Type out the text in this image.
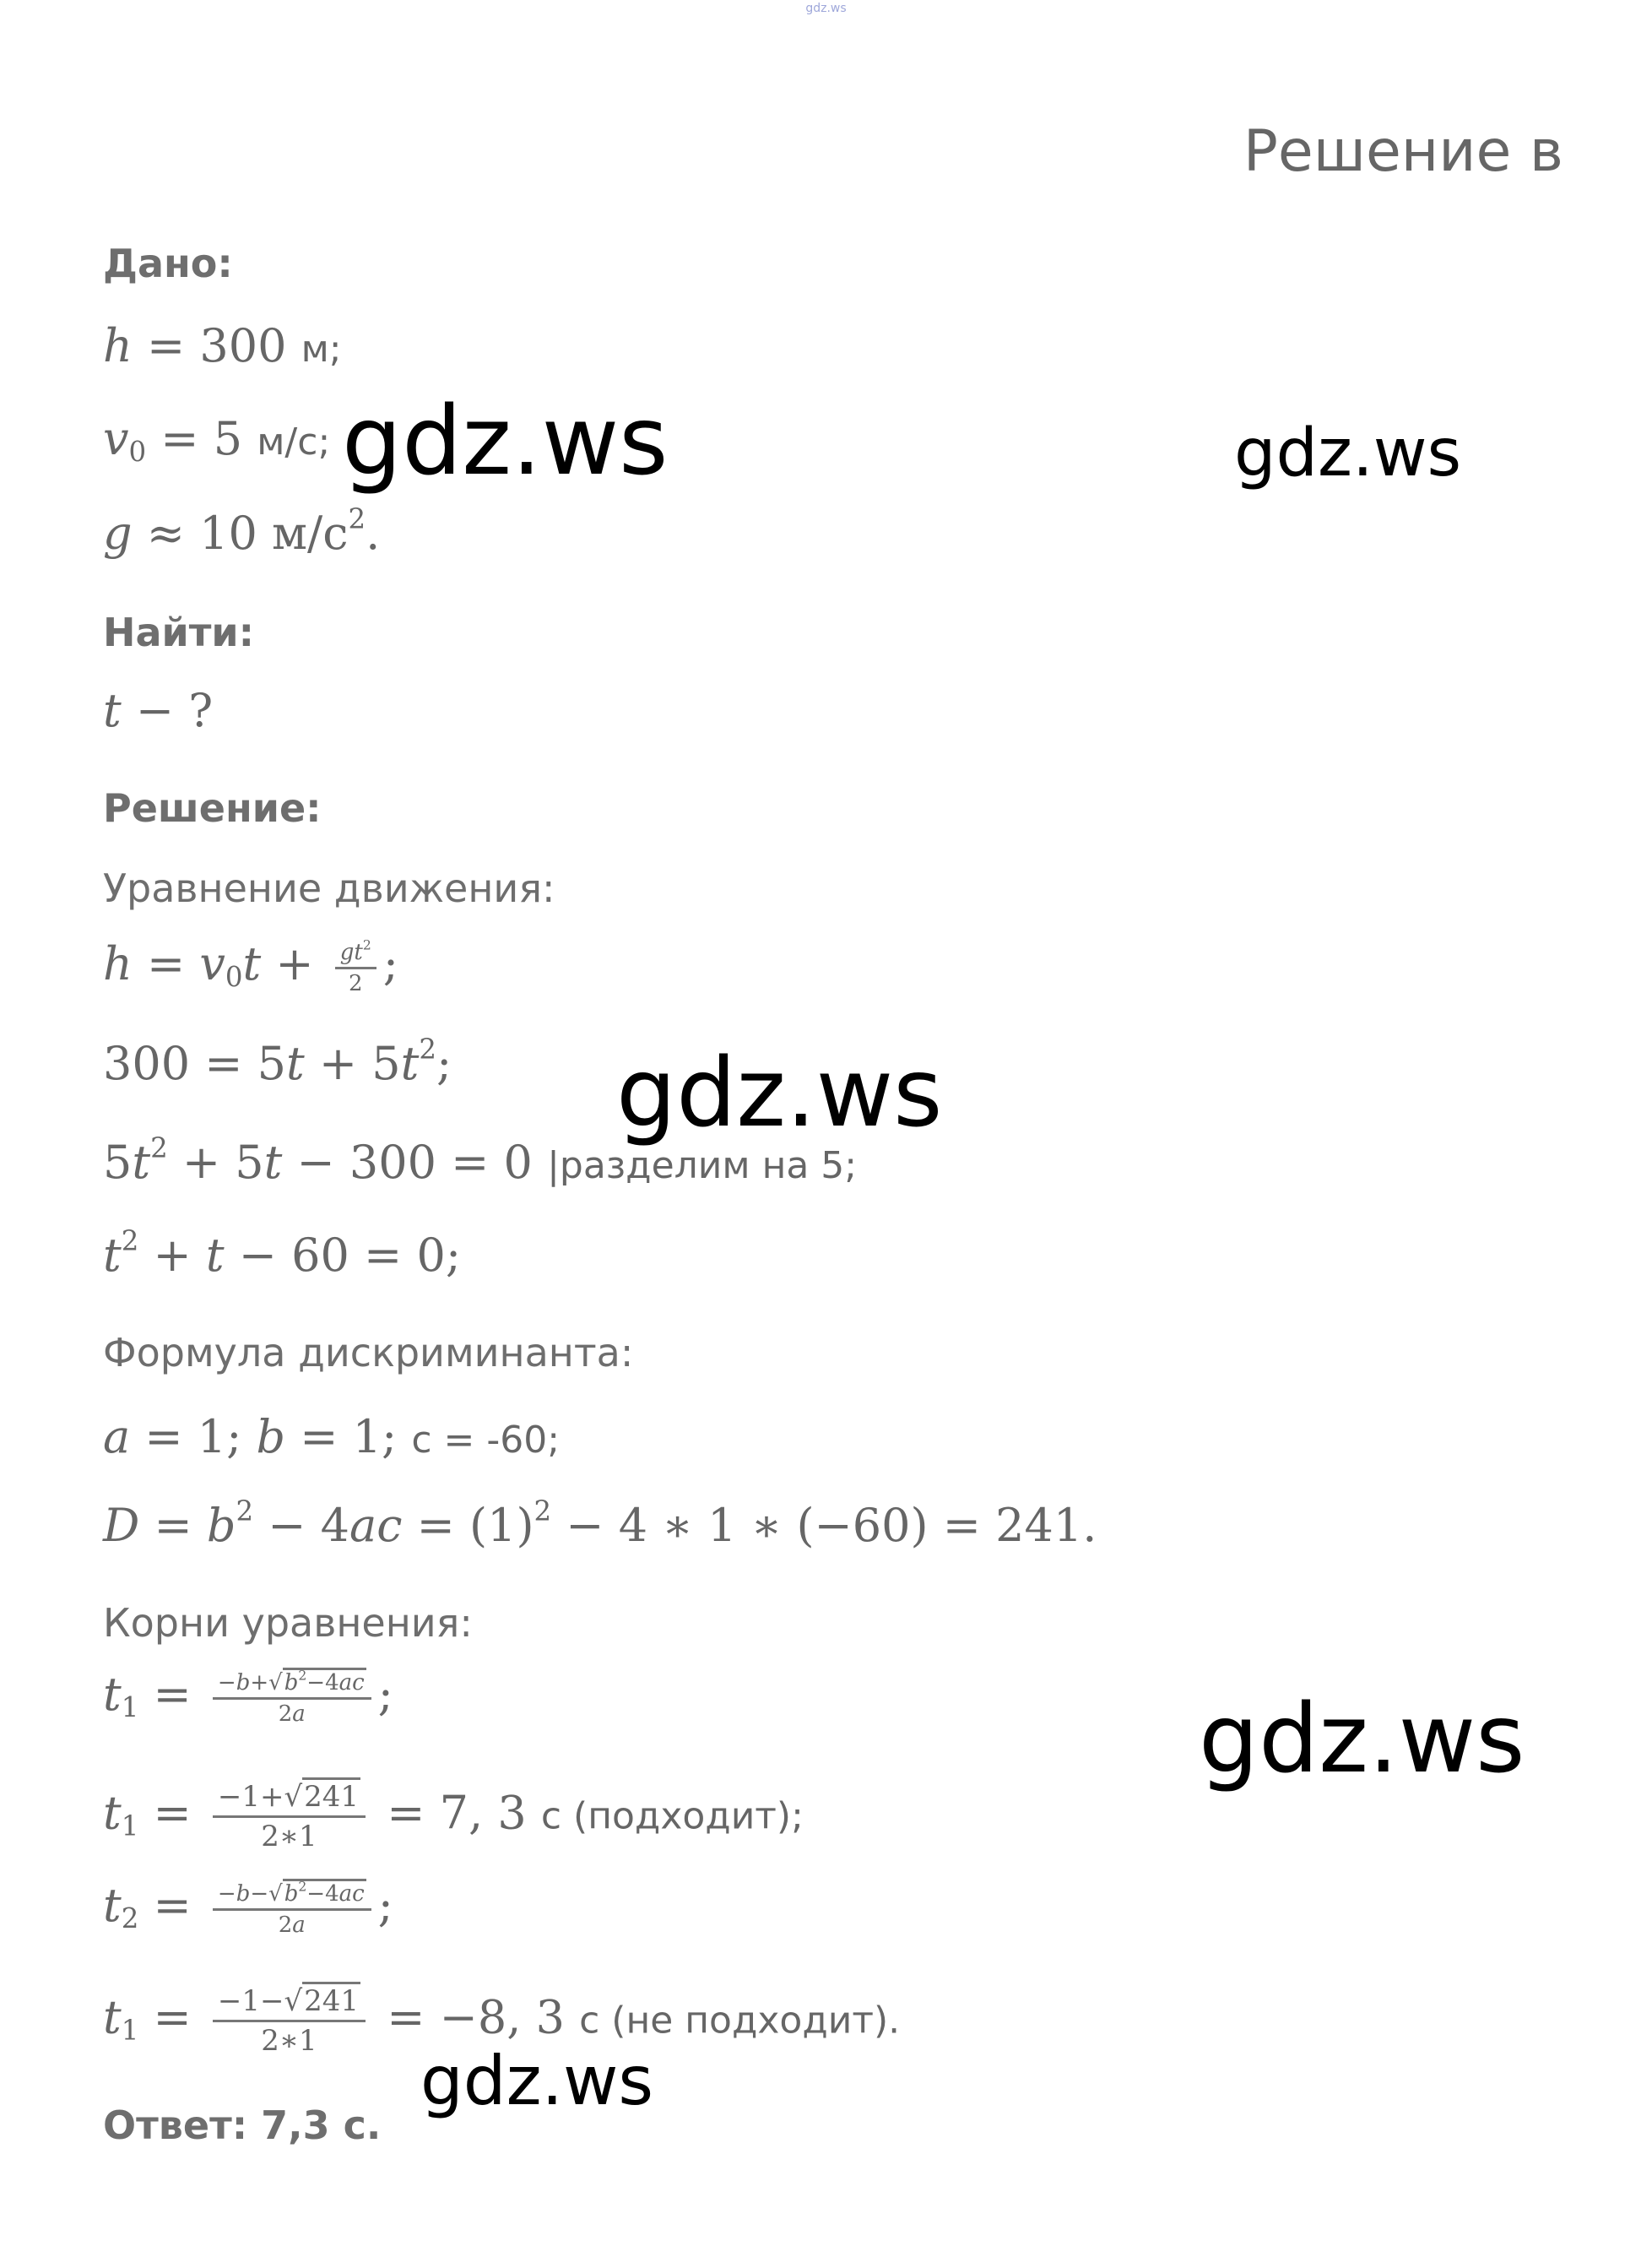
gdz.ws
Решение в
Дано:
h = 300 м;
$v_0 = 5$ м/с;
g ≈ 10 $м/с^2$.
Найти:
t − ?
Решение:
Уравнение движения:
$h = v_0t + \frac{gt^2}{2}$ ;
$300 = 5t + 5t^2$;
$5t^2 + 5t - 300 = 0$ |разделим на 5;
$t^2 + t - 60 = 0$;
Формула дискриминанта:
a = 1; b = 1; с = -60;
$D = b^2 - 4ac = (1)^2 - 4$ ∗ 1 ∗ (−60) = 241.
Корни уравнения:
$t_1 = \frac{-b+√b^2-4ac}{2a}$ ;
$t_1 = \frac{-1+√241}{2∗1} = 7$, 3 с (подходит);
$t_2 = \frac{-b-√b^2-4ac}{2a}$ ;
$t_1 = \frac{-1-√241}{2∗1} = -8$, 3 с (не подходит).
Ответ: 7,3 с.
gdz.ws	gdz.ws
gdz.ws
gdz.ws
gdz.ws
